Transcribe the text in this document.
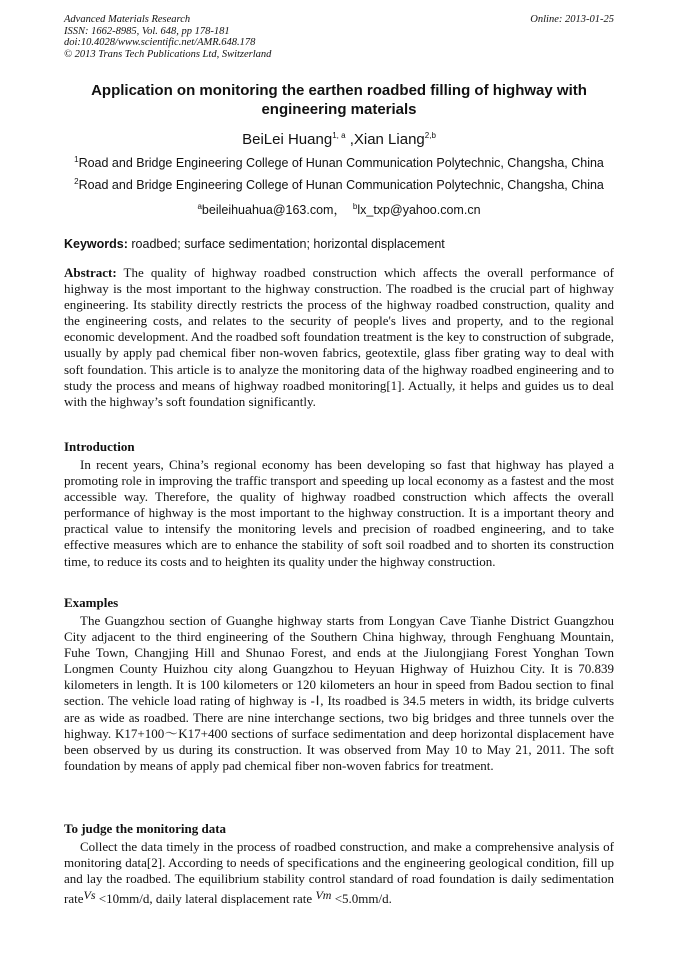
Advanced Materials Research
ISSN: 1662-8985, Vol. 648, pp 178-181
doi:10.4028/www.scientific.net/AMR.648.178
© 2013 Trans Tech Publications Ltd, Switzerland
Online: 2013-01-25
Application on monitoring the earthen roadbed filling of highway with engineering materials
BeiLei Huang$^{1, a}$ ,Xian Liang$^{2,b}$
$^1$Road and Bridge Engineering College of Hunan Communication Polytechnic, Changsha, China
$^2$Road and Bridge Engineering College of Hunan Communication Polytechnic, Changsha, China
$^a$beileihuahua@163.com， $^b$lx_txp@yahoo.com.cn
Keywords: roadbed; surface sedimentation; horizontal displacement
Abstract: The quality of highway roadbed construction which affects the overall performance of highway is the most important to the highway construction. The roadbed is the crucial part of highway engineering. Its stability directly restricts the process of the highway roadbed construction, quality and the engineering costs, and relates to the security of people's lives and property, and to the regional economic development. And the roadbed soft foundation treatment is the key to construction of subgrade, usually by apply pad chemical fiber non-woven fabrics, geotextile, glass fiber grating way to deal with soft foundation. This article is to analyze the monitoring data of the highway roadbed engineering and to study the process and means of highway roadbed monitoring[1]. Actually, it helps and guides us to deal with the highway’s soft foundation significantly.
Introduction
In recent years, China’s regional economy has been developing so fast that highway has played a promoting role in improving the traffic transport and speeding up local economy as a fastest and the most accessible way. Therefore, the quality of highway roadbed construction which affects the overall performance of highway is the most important to the highway construction. It is a important theory and practical value to intensify the monitoring levels and precision of roadbed engineering, and to take effective measures which are to enhance the stability of soft soil roadbed and to shorten its construction time, to reduce its costs and to heighten its quality under the highway construction.
Examples
The Guangzhou section of Guanghe highway starts from Longyan Cave Tianhe District Guangzhou City adjacent to the third engineering of the Southern China highway, through Fenghuang Mountain, Fuhe Town, Changjing Hill and Shunao Forest, and ends at the Jiulongjiang Forest Yonghan Town Longmen County Huizhou city along Guangzhou to Heyuan Highway of Huizhou City. It is 70.839 kilometers in length. It is 100 kilometers or 120 kilometers an hour in speed from Badou section to final section. The vehicle load rating of highway is -Ⅰ, Its roadbed is 34.5 meters in width, its bridge culverts are as wide as roadbed. There are nine interchange sections, two big bridges and three tunnels over the highway. K17+100～K17+400 sections of surface sedimentation and deep horizontal displacement have been observed by us during its construction. It was observed from May 10 to May 21, 2011. The soft foundation by means of apply pad chemical fiber non-woven fabrics for treatment.
To judge the monitoring data
Collect the data timely in the process of roadbed construction, and make a comprehensive analysis of monitoring data[2]. According to needs of specifications and the engineering geological condition, fill up and lay the roadbed. The equilibrium stability control standard of road foundation is daily sedimentation rateVs <10mm/d, daily lateral displacement rate Vm <5.0mm/d.
